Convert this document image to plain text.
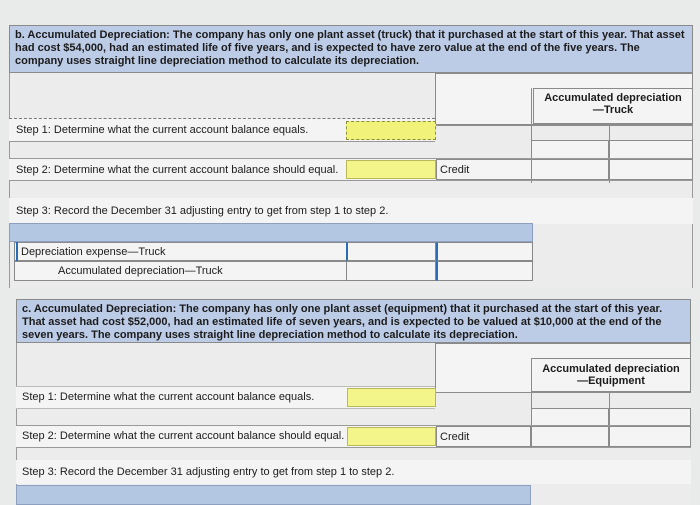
b. Accumulated Depreciation: The company has only one plant asset (truck) that it purchased at the start of this year. That asset had cost $54,000, had an estimated life of five years, and is expected to have zero value at the end of the five years. The company uses straight line depreciation method to calculate its depreciation.
Accumulated depreciation
—Truck
Step 1: Determine what the current account balance equals.
Step 2: Determine what the current account balance should equal.	Credit
Step 3: Record the December 31 adjusting entry to get from step 1 to step 2.
Depreciation expense—Truck
Accumulated depreciation—Truck
c. Accumulated Depreciation: The company has only one plant asset (equipment) that it purchased at the start of this year. That asset had cost $52,000, had an estimated life of seven years, and is expected to be valued at $10,000 at the end of the seven years. The company uses straight line depreciation method to calculate its depreciation.
Accumulated depreciation
—Equipment
Step 1: Determine what the current account balance equals.
Step 2: Determine what the current account balance should equal.	Credit
Step 3: Record the December 31 adjusting entry to get from step 1 to step 2.
